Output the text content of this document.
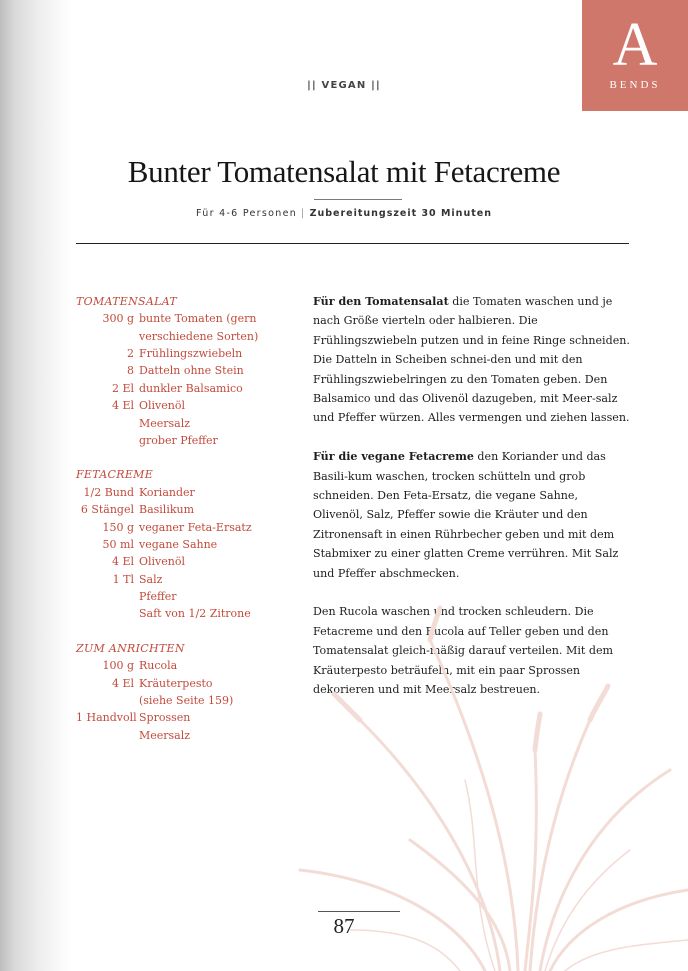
A
BENDS
|| VEGAN ||
Bunter Tomatensalat mit Fetacreme
Für 4-6 Personen | Zubereitungszeit 30 Minuten
TOMATENSALAT
300 g bunte Tomaten (gern
verschiedene Sorten)
2 Frühlingszwiebeln
8 Datteln ohne Stein
2 El dunkler Balsamico
4 El Olivenöl
Meersalz
grober Pfeffer
FETACREME
1/2 Bund Koriander
6 Stängel Basilikum
150 g veganer Feta-Ersatz
50 ml vegane Sahne
4 El Olivenöl
1 Tl Salz
Pfeffer
Saft von 1/2 Zitrone
ZUM ANRICHTEN
100 g Rucola
4 El Kräuterpesto
(siehe Seite 159)
1 Handvoll Sprossen
Meersalz

Für den Tomatensalat die Tomaten waschen und je nach Größe vierteln oder halbieren. Die Frühlingszwiebeln putzen und in feine Ringe schneiden. Die Datteln in Scheiben schnei-den und mit den Frühlingszwiebelringen zu den Tomaten geben. Den Balsamico und das Olivenöl dazugeben, mit Meer-salz und Pfeffer würzen. Alles vermengen und ziehen lassen.

Für die vegane Fetacreme den Koriander und das Basili-kum waschen, trocken schütteln und grob schneiden. Den Feta-Ersatz, die vegane Sahne, Olivenöl, Salz, Pfeffer sowie die Kräuter und den Zitronensaft in einen Rührbecher geben und mit dem Stabmixer zu einer glatten Creme verrühren. Mit Salz und Pfeffer abschmecken.

Den Rucola waschen und trocken schleudern. Die Fetacreme und den Rucola auf Teller geben und den Tomatensalat gleich-mäßig darauf verteilen. Mit dem Kräuterpesto beträufeln, mit ein paar Sprossen dekorieren und mit Meersalz bestreuen.

87
